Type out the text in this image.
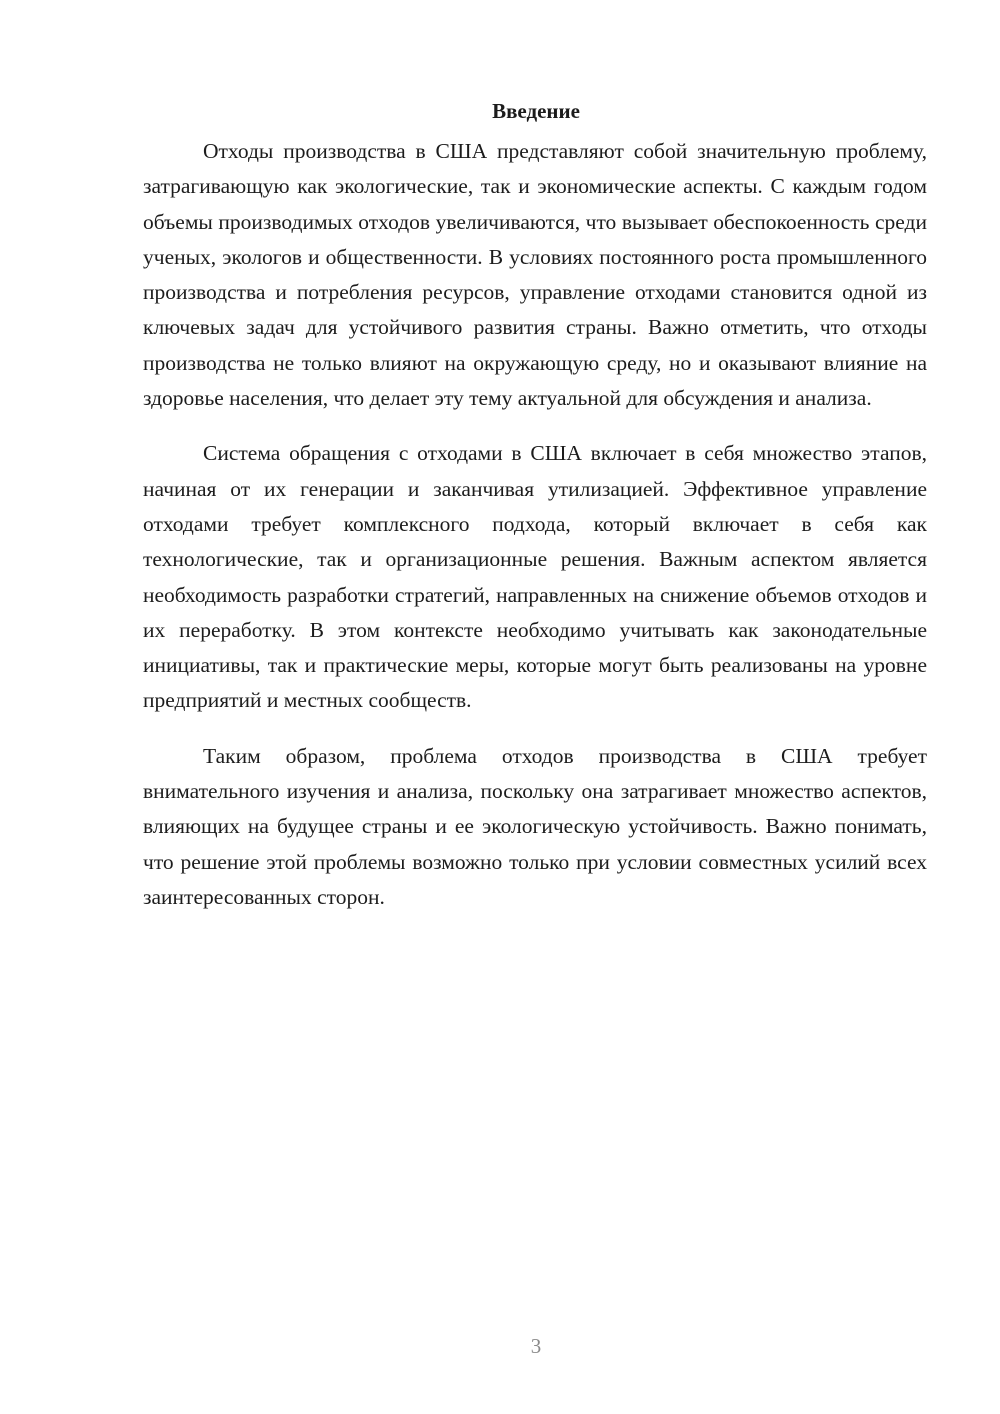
Введение

Отходы производства в США представляют собой значительную проблему, затрагивающую как экологические, так и экономические аспекты. С каждым годом объемы производимых отходов увеличиваются, что вызывает обеспокоенность среди ученых, экологов и общественности. В условиях постоянного роста промышленного производства и потребления ресурсов, управление отходами становится одной из ключевых задач для устойчивого развития страны. Важно отметить, что отходы производства не только влияют на окружающую среду, но и оказывают влияние на здоровье населения, что делает эту тему актуальной для обсуждения и анализа.

Система обращения с отходами в США включает в себя множество этапов, начиная от их генерации и заканчивая утилизацией. Эффективное управление отходами требует комплексного подхода, который включает в себя как технологические, так и организационные решения. Важным аспектом является необходимость разработки стратегий, направленных на снижение объемов отходов и их переработку. В этом контексте необходимо учитывать как законодательные инициативы, так и практические меры, которые могут быть реализованы на уровне предприятий и местных сообществ.

Таким образом, проблема отходов производства в США требует внимательного изучения и анализа, поскольку она затрагивает множество аспектов, влияющих на будущее страны и ее экологическую устойчивость. Важно понимать, что решение этой проблемы возможно только при условии совместных усилий всех заинтересованных сторон.

3
